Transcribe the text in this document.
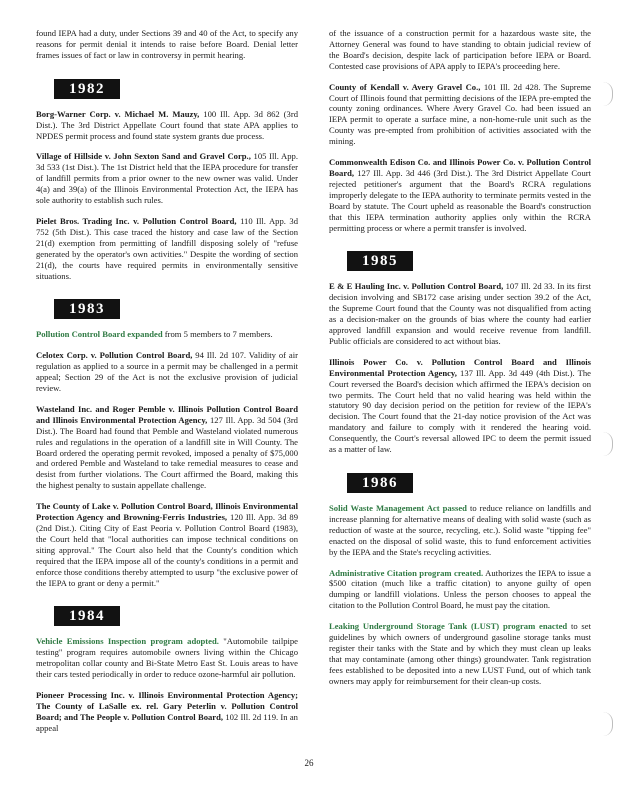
found IEPA had a duty, under Sections 39 and 40 of the Act, to specify any reasons for permit denial it intends to raise before Board. Denial letter frames issues of fact or law in controversy in permit hearing.

1982

Borg-Warner Corp. v. Michael M. Mauzy, 100 Ill. App. 3d 862 (3rd Dist.). The 3rd District Appellate Court found that state APA applies to NPDES permit process and found state system grants due process.

Village of Hillside v. John Sexton Sand and Gravel Corp., 105 Ill. App. 3d 533 (1st Dist.). The 1st District held that the IEPA procedure for transfer of landfill permits from a prior owner to the new owner was valid. Under 4(a) and 39(a) of the Illinois Environmental Protection Act, the IEPA has sole authority to establish such rules.

Pielet Bros. Trading Inc. v. Pollution Control Board, 110 Ill. App. 3d 752 (5th Dist.). This case traced the history and case law of the Section 21(d) exemption from permitting of landfill disposing solely of "refuse generated by the operator's own activities." Despite the wording of section 21(d), the courts have required permits in environmentally sensitive situations.

1983

Pollution Control Board expanded from 5 members to 7 members.

Celotex Corp. v. Pollution Control Board, 94 Ill. 2d 107. Validity of air regulation as applied to a source in a permit may be challenged in a permit appeal; Section 29 of the Act is not the exclusive provision of judicial review.

Wasteland Inc. and Roger Pemble v. Illinois Pollution Control Board and Illinois Environmental Protection Agency, 127 Ill. App. 3d 504 (3rd Dist.). The Board had found that Pemble and Wasteland violated numerous rules and regulations in the operation of a landfill site in Will County. The Board ordered the operating permit revoked, imposed a penalty of $75,000 and ordered Pemble and Wasteland to take remedial measures to cease and desist from further violations. The Court affirmed the Board, making this the highest penalty to sustain appellate challenge.

The County of Lake v. Pollution Control Board, Illinois Environmental Protection Agency and Browning-Ferris Industries, 120 Ill. App. 3d 89 (2nd Dist.). Citing City of East Peoria v. Pollution Control Board (1983), the Court held that "local authorities can impose technical conditions on siting approval." The Court also held that the County's condition which required that the IEPA impose all of the county's conditions in a permit and enforce those conditions thereby attempted to usurp "the exclusive power of the IEPA to grant or deny a permit."

1984

Vehicle Emissions Inspection program adopted. "Automobile tailpipe testing" program requires automobile owners living within the Chicago metropolitan collar county and Bi-State Metro East St. Louis areas to have their cars tested periodically in order to reduce ozone-harmful air pollution.

Pioneer Processing Inc. v. Illinois Environmental Protection Agency; The County of LaSalle ex. rel. Gary Peterlin v. Pollution Control Board; and The People v. Pollution Control Board, 102 Ill. 2d 119. In an appeal

of the issuance of a construction permit for a hazardous waste site, the Attorney General was found to have standing to obtain judicial review of the Board's decision, despite lack of participation before IEPA or Board. Contested case provisions of APA apply to IEPA's proceeding here.

County of Kendall v. Avery Gravel Co., 101 Ill. 2d 428. The Supreme Court of Illinois found that permitting decisions of the IEPA pre-empted the county zoning ordinances. Where Avery Gravel Co. had been issued an IEPA permit to operate a surface mine, a non-home-rule unit such as the County was pre-empted from prohibition of activities associated with the mining.

Commonwealth Edison Co. and Illinois Power Co. v. Pollution Control Board, 127 Ill. App. 3d 446 (3rd Dist.). The 3rd District Appellate Court rejected petitioner's argument that the Board's RCRA regulations improperly delegate to the IEPA authority to terminate permits vested in the Board by statute. The Court upheld as reasonable the Board's construction that this IEPA termination authority applies only within the RCRA permitting process or where a permit transfer is involved.

1985

E & E Hauling Inc. v. Pollution Control Board, 107 Ill. 2d 33. In its first decision involving and SB172 case arising under section 39.2 of the Act, the Supreme Court found that the County was not disqualified from acting as a decision-maker on the grounds of bias where the county had earlier approved landfill expansion and would receive revenue from landfill. Public officials are considered to act without bias.

Illinois Power Co. v. Pollution Control Board and Illinois Environmental Protection Agency, 137 Ill. App. 3d 449 (4th Dist.). The Court reversed the Board's decision which affirmed the IEPA's decision on two permits. The Court held that no valid hearing was held within the statutory 90 day decision period on the petition for review of the IEPA's decision. The Court found that the 21-day notice provision of the Act was mandatory and failure to comply with it rendered the hearing void. Consequently, the Court's reversal allowed IPC to deem the permit issued as a matter of law.

1986

Solid Waste Management Act passed to reduce reliance on landfills and increase planning for alternative means of dealing with solid waste (such as reduction of waste at the source, recycling, etc.). Solid waste "tipping fee" enacted on the disposal of solid waste, this to fund enforcement activities by the IEPA and the State's recycling activities.

Administrative Citation program created. Authorizes the IEPA to issue a $500 citation (much like a traffic citation) to anyone guilty of open dumping or landfill violations. Unless the person chooses to appeal the citation to the Pollution Control Board, he must pay the citation.

Leaking Underground Storage Tank (LUST) program enacted to set guidelines by which owners of underground gasoline storage tanks must register their tanks with the State and by which they must clean up leaks that may contaminate (among other things) groundwater. Tank registration fees established to be deposited into a new LUST Fund, out of which tank owners may apply for reimbursement for their clean-up costs.

26
